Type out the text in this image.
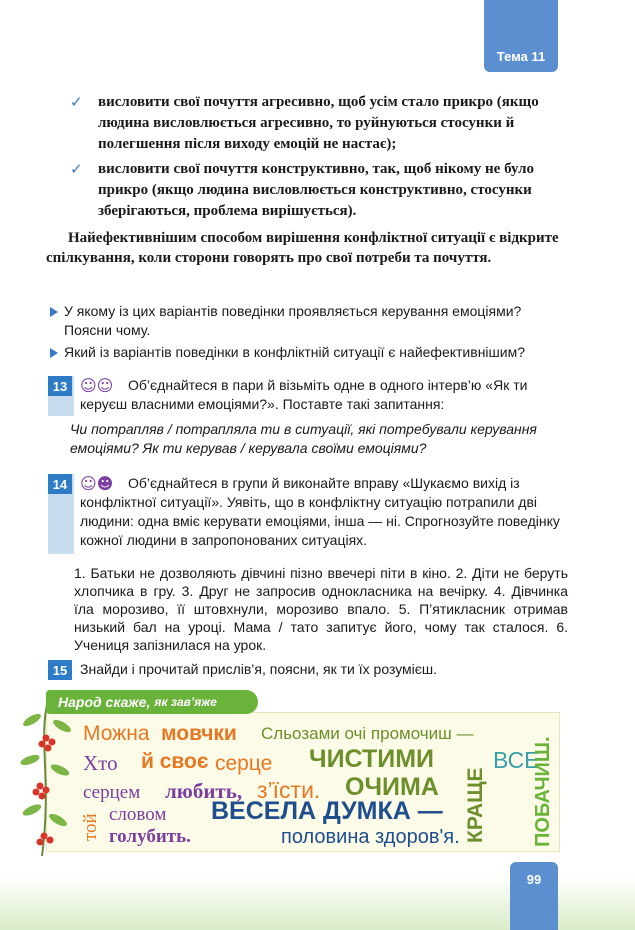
Тема 11
✓ висловити свої почуття агресивно, щоб усім стало прикро (якщо людина висловлюється агресивно, то руйнуються стосунки й полегшення після виходу емоцій не настає);
✓ висловити свої почуття конструктивно, так, щоб нікому не було прикро (якщо людина висловлюється конструктивно, стосунки зберігаються, проблема вирішується).

Найефективнішим способом вирішення конфліктної ситуації є відкрите спілкування, коли сторони говорять про свої потреби та почуття.

У якому із цих варіантів поведінки проявляється керування емоціями? Поясни чому.
Який із варіантів поведінки в конфліктній ситуації є найефективнішим?
13 ☺☺	Об’єднайтеся в пари й візьміть одне в одного інтерв’ю «Як ти керуєш власними емоціями?». Поставте такі запитання:
Чи потрапляв / потрапляла ти в ситуації, які потребували керування емоціями? Як ти керував / керувала своїми емоціями?
14 ☺☻	Об’єднайтеся в групи й виконайте вправу «Шукаємо вихід із конфліктної ситуації». Уявіть, що в конфліктну ситуацію потрапили дві людини: одна вміє керувати емоціями, інша — ні. Спрогнозуйте поведінку кожної людини в запропонованих ситуаціях.

1. Батьки не дозволяють дівчині пізно ввечері піти в кіно. 2. Діти не беруть хлопчика в гру. 3. Друг не запросив однокласника на вечірку. 4. Дівчинка їла морозиво, її штовхнули, морозиво впало. 5. П’ятикласник отримав низький бал на уроці. Мама / тато запитує його, чому так сталося. 6. Учениця запізнилася на урок.

15 Знайди і прочитай прислів’я, поясни, як ти їх розумієш.
Можна мовчки Сльозами очі промочиш —
Хто й своє серце ЧИСТИМИ	ВСЕ
серцем любить, з’їсти. ОЧИМА
той словом ВЕСЕЛА ДУМКА —
голубить.	половина здоров'я. КРАЩЕ ПОБАЧИШ.
Народ скаже, як зав’яже
99
